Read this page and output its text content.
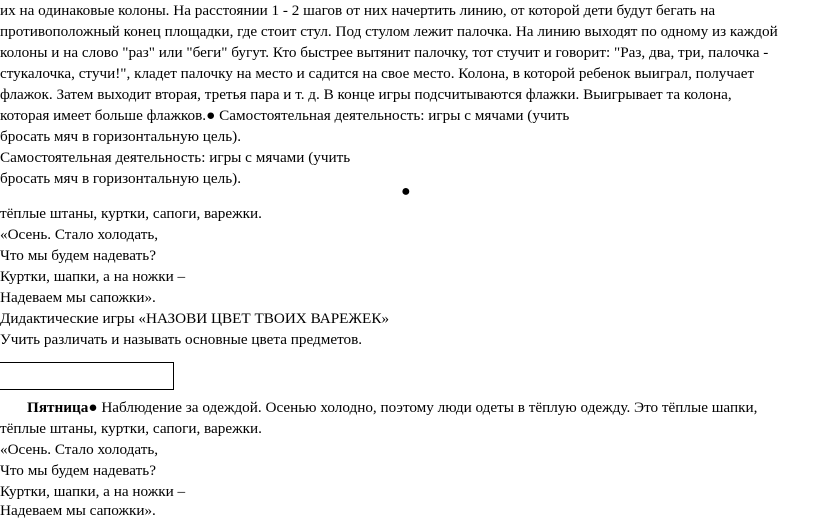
их на одинаковые колоны. На расстоянии 1 - 2 шагов от них начертить линию, от которой дети будут бегать на
противоположный конец площадки, где стоит стул. Под стулом лежит палочка. На линию выходят по одному из каждой
колоны и на слово "раз" или "беги" бугут. Кто быстрее вытянит палочку, тот стучит и говорит: "Раз, два, три, палочка -
стукалочка, стучи!", кладет палочку на место и садится на свое место. Колона, в которой ребенок выиграл, получает
флажок. Затем выходит вторая, третья пара и т. д. В конце игры подсчитываются флажки. Выигрывает та колона,
которая имеет больше флажков.● Самостоятельная деятельность: игры с мячами (учить
бросать мяч в горизонтальную цель).
Самостоятельная деятельность: игры с мячами (учить
бросать мяч в горизонтальную цель).
●
тёплые штаны, куртки, сапоги, варежки.
«Осень. Стало холодать,
Что мы будем надевать?
Куртки, шапки, а на ножки –
Надеваем мы сапожки».
Дидактические игры «НАЗОВИ ЦВЕТ ТВОИХ ВАРЕЖЕК»
Учить различать и называть основные цвета предметов.
Пятница● Наблюдение за одеждой. Осенью холодно, поэтому люди одеты в тёплую одежду. Это тёплые шапки,
тёплые штаны, куртки, сапоги, варежки.
«Осень. Стало холодать,
Что мы будем надевать?
Куртки, шапки, а на ножки –
Надеваем мы сапожки».
